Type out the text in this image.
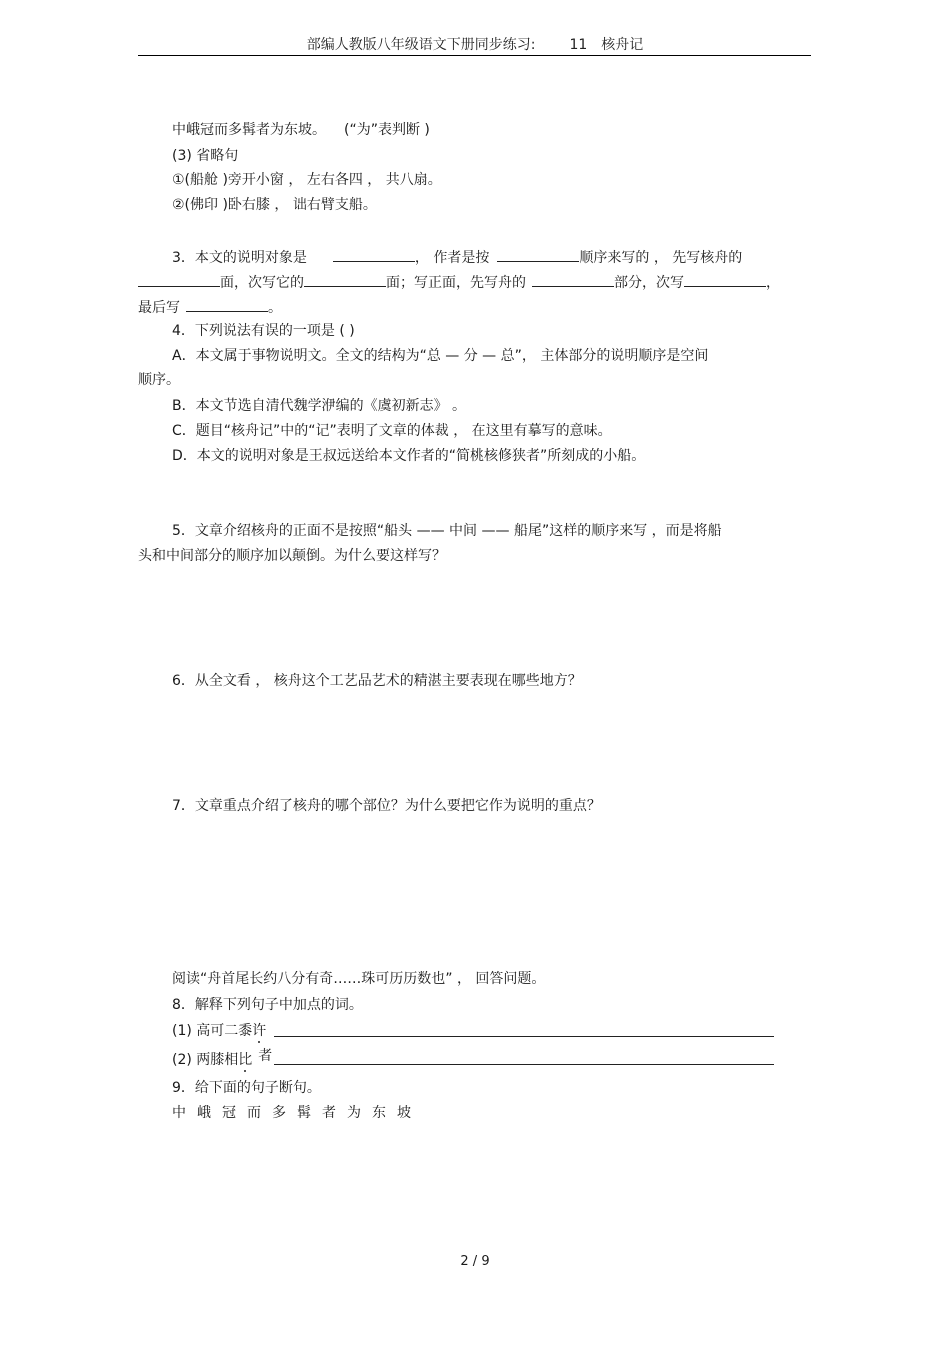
部编人教版八年级语文下册同步练习: 11 核舟记
中峨冠而多髯者为东坡。 (“为”表判断 )
(3) 省略句
①(船舱 )旁开小窗 ， 左右各四 ， 共八扇。
②(佛印 )卧右膝 ， 诎右臂支船。
3．本文的说明对象是	， 作者是按	顺序来写的 ， 先写核舟的
面，次写它的	面；写正面，先写舟的	部分，次写	，
最后写	。
4．下列说法有误的一项是 ( )
A．本文属于事物说明文。全文的结构为“总 — 分 — 总”， 主体部分的说明顺序是空间
顺序。
B．本文节选自清代魏学洢编的《虞初新志》 。
C．题目“核舟记”中的“记”表明了文章的体裁 ， 在这里有摹写的意味。
D．本文的说明对象是王叔远送给本文作者的“简桃核修狭者”所刻成的小船。
5．文章介绍核舟的正面不是按照“船头 —— 中间 —— 船尾”这样的顺序来写 ，而是将船
头和中间部分的顺序加以颠倒。为什么要这样写？
6．从全文看 ， 核舟这个工艺品艺术的精湛主要表现在哪些地方？
7．文章重点介绍了核舟的哪个部位？为什么要把它作为说明的重点？
阅读“舟首尾长约八分有奇……珠可历历数也” ， 回答问题。
8．解释下列句子中加点的词。
(1) 高可二黍许
(2) 两膝相比 者
9．给下面的句子断句。
中峨冠而多髯者为东坡
2 / 9
